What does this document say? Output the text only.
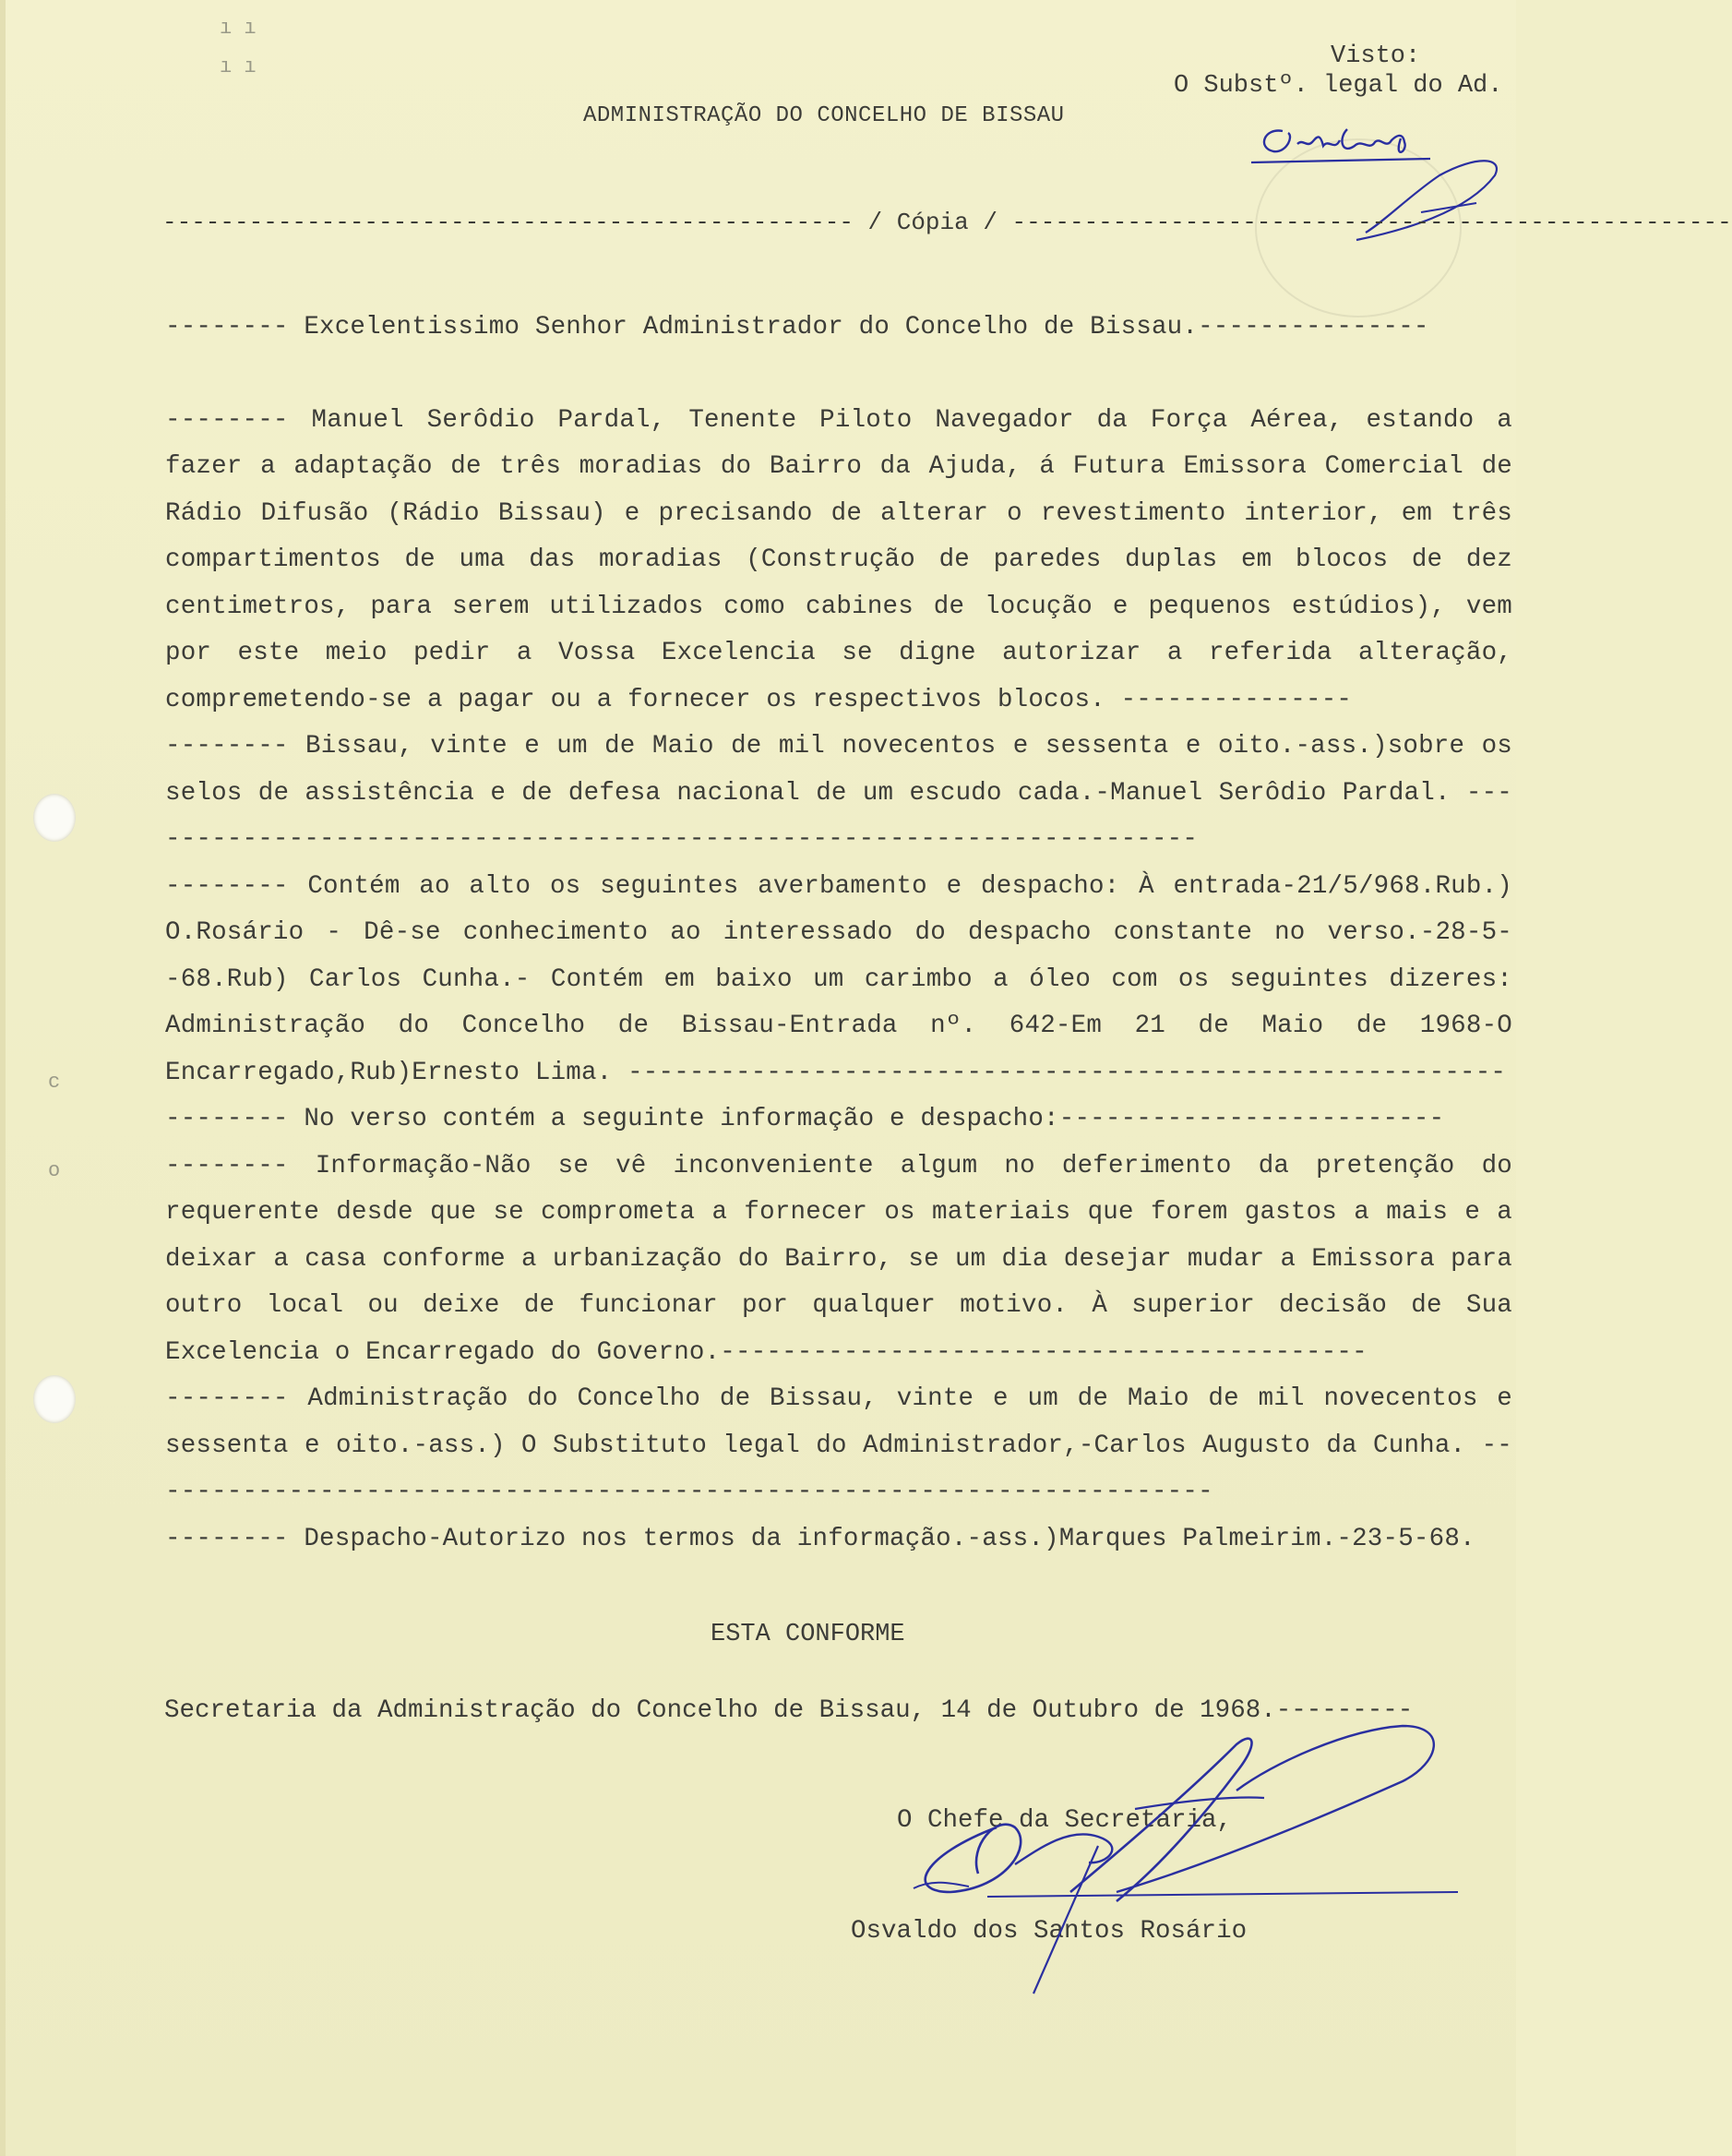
ı ı
ı ı
c
o
Visto:
O Substº. legal do Ad.
ADMINISTRAÇÃO DO CONCELHO DE BISSAU
------------------------------------------------ / Cópia / --------------------------------------------------

-------- Excelentissimo Senhor Administrador do Concelho de Bissau.---------------

-------- Manuel Serôdio Pardal, Tenente Piloto Navegador da Força Aérea, estando a fazer a adaptação de três moradias do Bairro da Ajuda, á Futura Emissora Comercial de Rádio Difusão (Rádio Bissau) e precisando de alterar o revestimento interior, em três compartimentos de uma das moradias (Construção de paredes duplas em blocos de dez centimetros, para serem utilizados como cabines de locução e pequenos estúdios), vem por este meio pedir a Vossa Excelencia se digne autorizar a referida alteração, compremetendo-se a pagar ou a fornecer os respectivos blocos. ---------------

-------- Bissau, vinte e um de Maio de mil novecentos e sessenta e oito.-ass.)sobre os selos de assistência e de defesa nacional de um escudo cada.-Manuel Serôdio Pardal. ----------------------------------------------------------------------

-------- Contém ao alto os seguintes averbamento e despacho: À entrada-21/5/968.Rub.) O.Rosário - Dê-se conhecimento ao interessado do despacho constante no verso.-28-5--68.Rub) Carlos Cunha.- Contém em baixo um carimbo a óleo com os seguintes dizeres: Administração do Concelho de Bissau-Entrada nº. 642-Em 21 de Maio de 1968-O Encarregado,Rub)Ernesto Lima. ---------------------------------------------------------

-------- No verso contém a seguinte informação e despacho:-------------------------

-------- Informação-Não se vê inconveniente algum no deferimento da pretenção do requerente desde que se comprometa a fornecer os materiais que forem gastos a mais e a deixar a casa conforme a urbanização do Bairro, se um dia desejar mudar a Emissora para outro local ou deixe de funcionar por qualquer motivo. À superior decisão de Sua Excelencia o Encarregado do Governo.------------------------------------------

-------- Administração do Concelho de Bissau, vinte e um de Maio de mil novecentos e sessenta e oito.-ass.) O Substituto legal do Administrador,-Carlos Augusto da Cunha. ----------------------------------------------------------------------

-------- Despacho-Autorizo nos termos da informação.-ass.)Marques Palmeirim.-23-5-68.

ESTA CONFORME
Secretaria da Administração do Concelho de Bissau, 14 de Outubro de 1968.---------
O Chefe da Secretaria,
Osvaldo dos Santos Rosário
